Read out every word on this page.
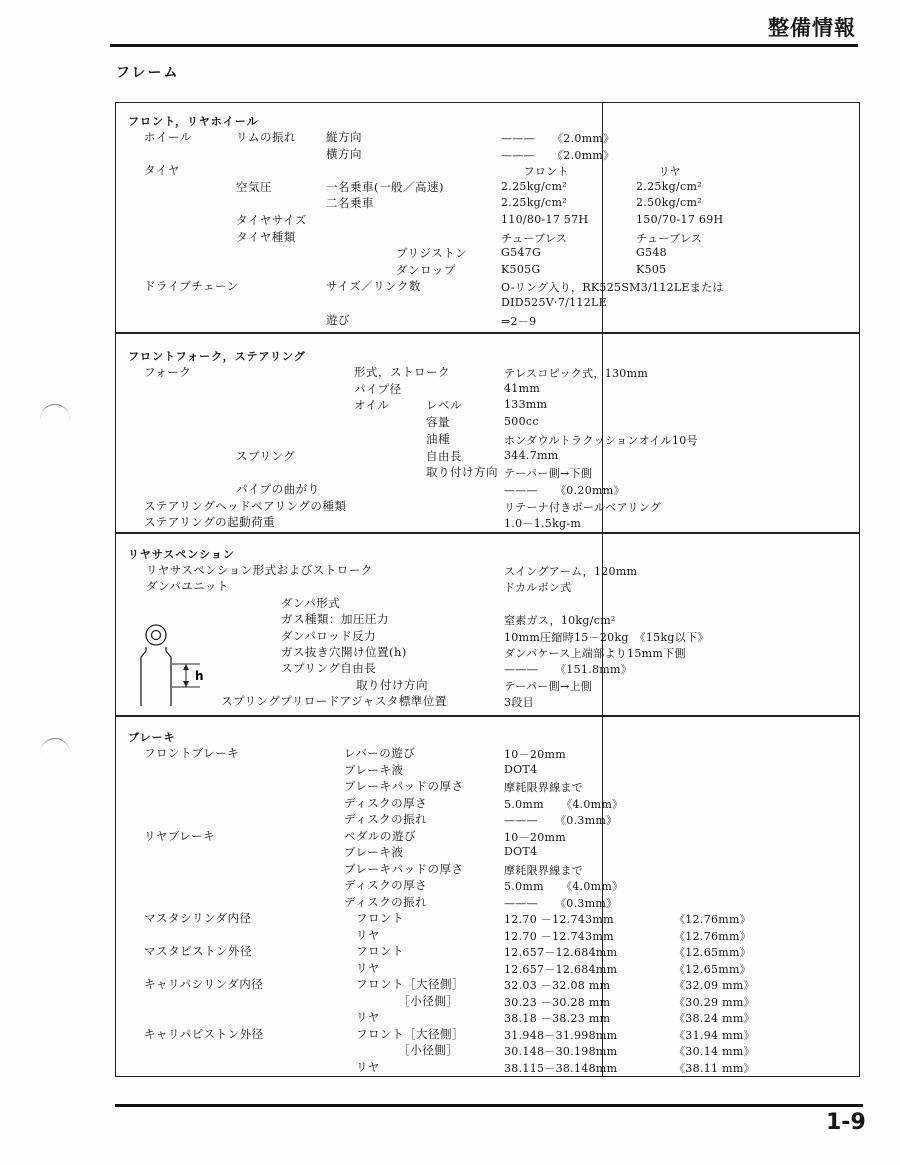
整備情報
フレーム
フロント，リヤホイール
ホイール	リムの振れ	縦方向	———　　《2.0mm》
横方向	———　　《2.0mm》
タイヤ	　　フロント	　　リヤ
空気圧	一名乗車(一般／高速)	2.25kg/cm²	2.25kg/cm²
二名乗車	2.25kg/cm²	2.50kg/cm²
タイヤサイズ	110/80-17 57H	150/70-17 69H
タイヤ種類	チューブレス	チューブレス
ブリジストン	G547G	G548
ダンロップ	K505G	K505
ドライブチェーン	サイズ／リンク数	O-リング入り，RK525SM3/112LEまたは
DID525V·7/112LE
遊び	⇒2－9
フロントフォーク，ステアリング
フォーク	形式，ストローク	テレスコピック式，130mm
パイプ径	41mm
オイル	レベル	133mm
容量	500cc
油種	ホンダウルトラクッションオイル10号
スプリング	自由長	344.7mm
取り付け方向 テーパー側→下側
パイプの曲がり	———　　《0.20mm》
ステアリングヘッドベアリングの種類	リテーナ付きボールベアリング
ステアリングの起動荷重	1.0－1.5kg-m
リヤサスペンション
h
リヤサスペンション形式およびストローク	スイングアーム，120mm
ダンパユニット	ドカルボン式
ダンパ形式
ガス種類：加圧圧力	窒素ガス，10kg/cm²
ダンパロッド反力	10mm圧縮時15－20kg　《15kg以下》
ガス抜き穴開け位置(h)	ダンパケース上端部より15mm下側
スプリング自由長	———　　《151.8mm》
取り付け方向	テーパー側→上側
スプリングプリロードアジャスタ標準位置	3段目
ブレーキ
フロントブレーキ	レバーの遊び	10－20mm
ブレーキ液	DOT4
ブレーキパッドの厚さ	摩耗限界線まで
ディスクの厚さ	5.0mm　　《4.0mm》
ディスクの振れ	———　　《0.3mm》
リヤブレーキ	ペダルの遊び	10－20mm
ブレーキ液	DOT4
ブレーキパッドの厚さ	摩耗限界線まで
ディスクの厚さ	5.0mm　　《4.0mm》
ディスクの振れ	———　　《0.3mm》
マスタシリンダ内径	　フロント	12.70 －12.743mm	《12.76mm》
　リヤ	12.70 －12.743mm	《12.76mm》
マスタピストン外径	　フロント	12.657－12.684mm	《12.65mm》
　リヤ	12.657－12.684mm	《12.65mm》
キャリパシリンダ内径	　フロント［大径側］	32.03 －32.08 mm	《32.09 mm》
　　　　　［小径側］	30.23 －30.28 mm	《30.29 mm》
　リヤ	38.18 －38.23 mm	《38.24 mm》
キャリパピストン外径	　フロント［大径側］	31.948－31.998mm	《31.94 mm》
　　　　　［小径側］	30.148－30.198mm	《30.14 mm》
　リヤ	38.115－38.148mm	《38.11 mm》
1-9
